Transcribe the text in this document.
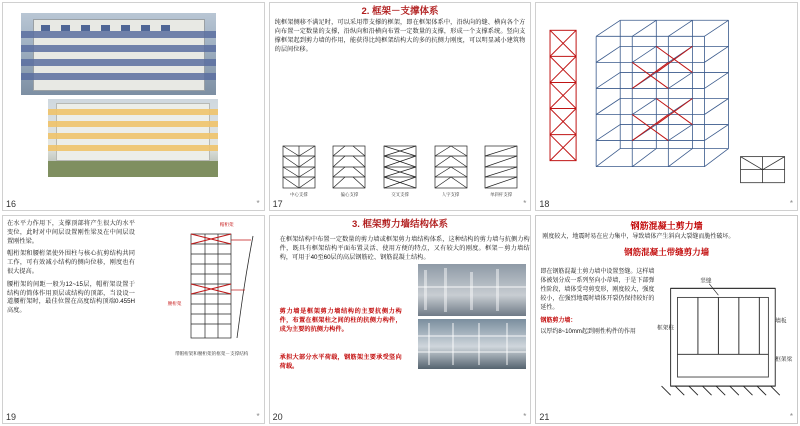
16	*
2. 框架－支撑体系
纯框架侧移不满足时，可以采用带支撑的框架，即在框架体系中，沿纵向的缝、横向各个方向布置一定数量的支撑，沿纵向和沿横向布置一定数量的支撑，形成一个支撑系统。竖向支撑框架起到剪力墙的作用，能获得比纯框架结构大的多的抗侧力刚度，可以明显减小建筑物的层间位移。
中心支撑	偏心支撑	交叉支撑	人字支撑	单斜杆支撑
17	* 18	*
在水平力作用下，支撑顶部将产生很大的水平变位，此时对中间层设置刚性梁及在中间层设置刚性梁。
帽桁架和腰桁架使外围柱与核心抗剪结构共同工作，可有效减小结构的侧向位移，刚度也有很大提高。
腰桁架的间距一般为12~15层，帽桁架设置于结构的简体作用顶层或结构的顶部，当设设一道腰桁架时，最佳位置在高度结构顶端0.455H高度。
帽桁架
腰桁架
带帽桁架和腰桁架的框架－支撑结构
19	*
3. 框架剪力墙结构体系
在框架结构中布置一定数量的剪力墙或框架剪力墙结构体系，这种结构的剪力墙与抗侧力构件，既具有框架结构平面布置灵活、使用方便的特点，又有较大的刚度。框架－剪力墙结构，可用于40至60层的高层钢筋砼、钢筋混凝土结构。
剪力墙是框架剪力墙结构的主要抗侧力构件，布置在框架柱之间的柱的抗侧力构件，成为主要的抗侧力构件。
承担大部分水平荷载，钢筋架主要承受竖向荷载。
20	*
钢筋混凝土剪力墙
刚度较大，地震时易在应力集中，导致墙体产生斜向大裂缝而脆性破坏。
钢筋混凝土带缝剪力墙
即在钢筋混凝土剪力墙中设置竖缝。这样墙体被划分成一系列坚向小蒂墙，于是下部弹性阶段，墙体受弯剪变形，刚度较大，强度较小，在强烈地震时墙体开裂仍保持较好的延性。
钢筋剪力墙：
以厚约8~10mm起到刚性构件的作用
竖缝
墙板
框架梁
框架柱
21	*
